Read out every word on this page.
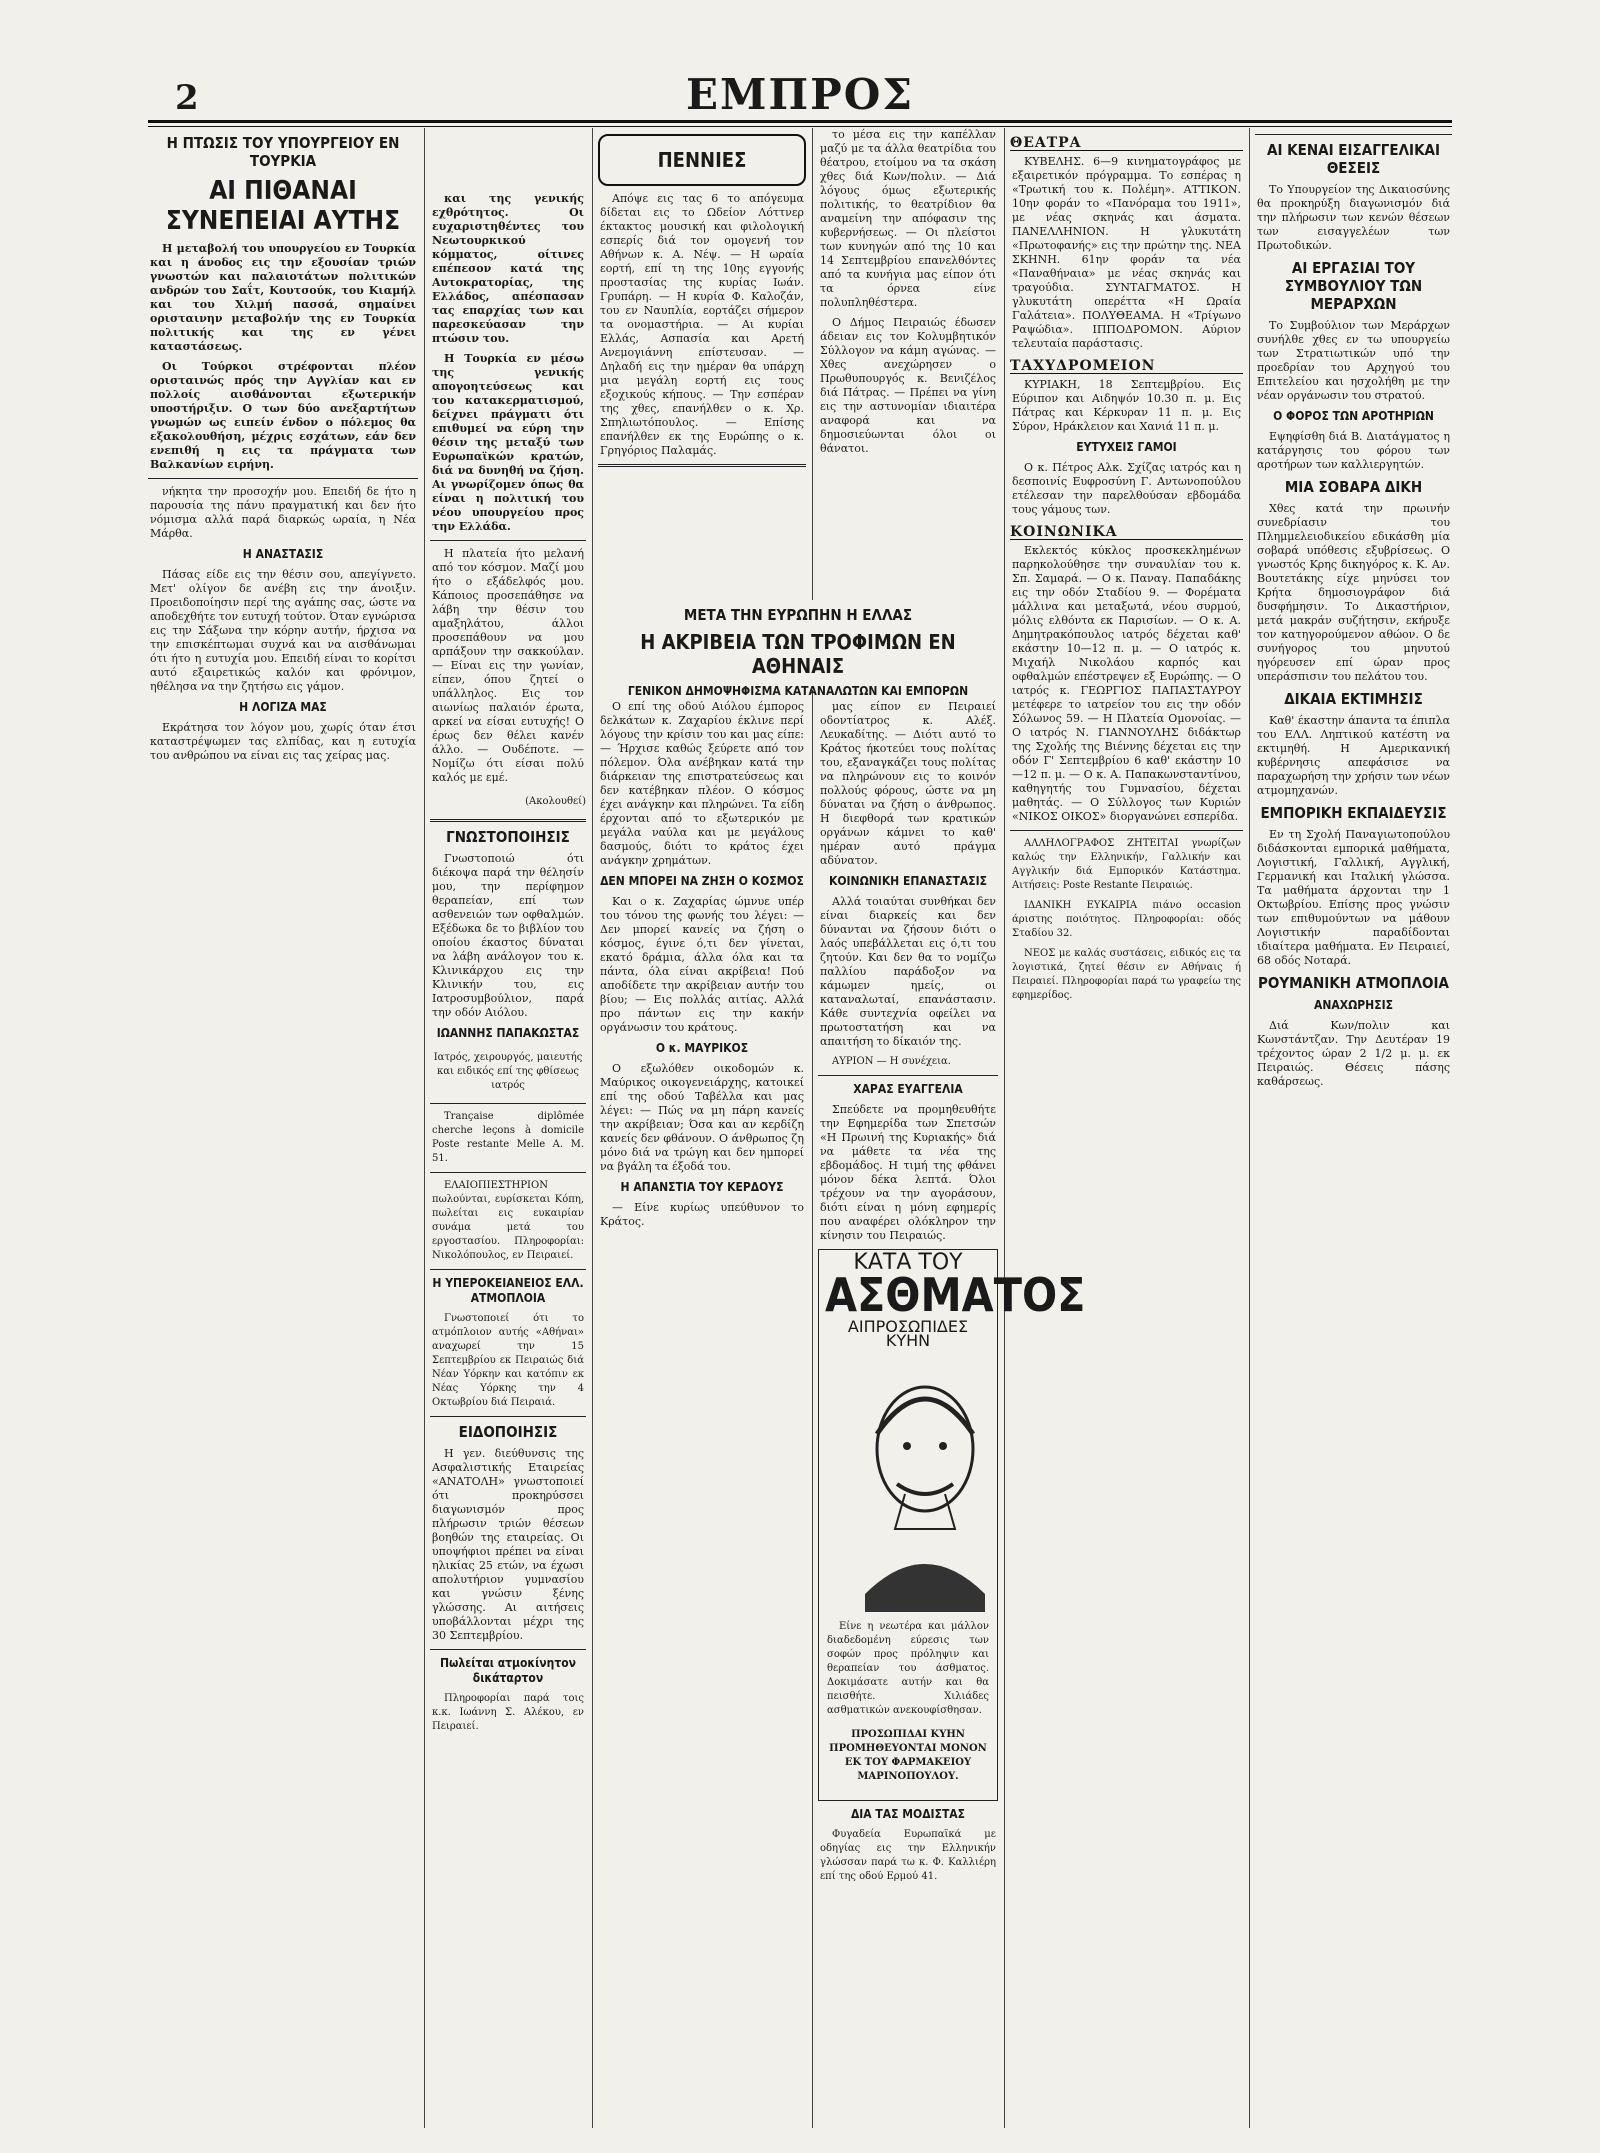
2	ΕΜΠΡΟΣ
Η ΠΤΩΣΙΣ ΤΟΥ ΥΠΟΥΡΓΕΙΟΥ ΕΝ ΤΟΥΡΚΙΑ
ΑΙ ΠΙΘΑΝΑΙ ΣΥΝΕΠΕΙΑΙ ΑΥΤΗΣ

Η μεταβολή του υπουργείου εν Τουρκία και η άνοδος εις την εξουσίαν τριών γνωστών και παλαιοτάτων πολιτικών ανδρών του Σαΐτ, Κουτσούκ, του Κιαμήλ και του Χιλμή πασσά, σημαίνει ορισταινην μεταβολήν της εν Τουρκία πολιτικής και της εν γένει καταστάσεως.

Οι Τούρκοι στρέφονται πλέον ορισταινώς πρός την Αγγλίαν και εν πολλοίς αισθάνονται εξωτερικήν υποστήριξιν. Ο των δύο ανεξαρτήτων γνωμών ως ειπείν ένδον ο πόλεμος θα εξακολουθήση, μέχρις εσχάτων, εάν δεν ενεπιθή η εις τα πράγματα των Βαλκανίων ειρήνη.

νήκητα την προσοχήν μου. Επειδή δε ήτο η παρουσία της πάνυ πραγματική και δεν ήτο νόμισμα αλλά παρά διαρκώς ωραία, η Νέα Μάρθα.

Η ΑΝΑΣΤΑΣΙΣ

Πάσας είδε εις την θέσιν σου, απεγίγνετο. Μετ' ολίγον δε ανέβη εις την άνοιξιν. Προειδοποίησιν περί της αγάπης σας, ώστε να αποδεχθήτε τον ευτυχή τούτον. Όταν εγνώρισα εις την Σάξωνα την κόρην αυτήν, ήρχισα να την επισκέπτωμαι συχνά και να αισθάνωμαι ότι ήτο η ευτυχία μου. Επειδή είναι το κορίτσι αυτό εξαιρετικώς καλόν και φρόνιμον, ηθέλησα να την ζητήσω εις γάμον.

Η ΛΟΓΙΖΑ ΜΑΣ

Εκράτησα τον λόγον μου, χωρίς όταν έτσι καταστρέψωμεν τας ελπίδας, και η ευτυχία του ανθρώπου να είναι εις τας χείρας μας.

και της γενικής εχθρότητος. Οι ευχαριστηθέντες του Νεωτουρκικού κόμματος, οίτινες επέπεσον κατά της Αυτοκρατορίας, της Ελλάδος, απέσπασαν τας επαρχίας των και παρεσκεύασαν την πτώσιν του.

Η Τουρκία εν μέσω της γενικής απογοητεύσεως και του κατακερματισμού, δείχνει πράγματι ότι επιθυμεί να εύρη την θέσιν της μεταξύ των Ευρωπαϊκών κρατών, διά να δυνηθή να ζήση. Αι γνωρίζομεν όπως θα είναι η πολιτική του νέου υπουργείου προς την Ελλάδα.

Η πλατεία ήτο μελανή από τον κόσμον. Μαζί μου ήτο ο εξάδελφός μου. Κάποιος προσεπάθησε να λάβη την θέσιν του αμαξηλάτου, άλλοι προσεπάθουν να μου αρπάξουν την σακκούλαν. — Είναι εις την γωνίαν, είπεν, όπου ζητεί ο υπάλληλος. Εις τον αιωνίως παλαιόν έρωτα, αρκεί να είσαι ευτυχής! Ο έρως δεν θέλει κανέν άλλο. — Ουδέποτε. — Νομίζω ότι είσαι πολύ καλός με εμέ.

(Ακολουθεί)

ΓΝΩΣΤΟΠΟΙΗΣΙΣ

Γνωστοποιώ ότι διέκοψα παρά την θέλησίν μου, την περίφημον θεραπείαν, επί των ασθενειών των οφθαλμών. Εξέδωκα δε το βιβλίον του οποίου έκαστος δύναται να λάβη ανάλογον του κ. Κλινικάρχου εις την Κλινικήν του, εις Ιατροσυμβούλιον, παρά την οδόν Αιόλου.

ΙΩΑΝΝΗΣ ΠΑΠΑΚΩΣΤΑΣ

Ιατρός, χειρουργός, μαιευτής και ειδικός επί της φθίσεως ιατρός

Trançaise diplômée cherche leçons à domicile Poste restante Melle A. M. 51.

ΕΛΑΙΟΠΙΕΣΤΗΡΙΟΝ πωλούνται, ευρίσκεται Κόπη, πωλείται εις ευκαιρίαν συνάμα μετά του εργοστασίου. Πληροφορίαι: Νικολόπουλος, εν Πειραιεί.

Η ΥΠΕΡΟΚΕΙΑΝΕΙΟΣ ΕΛΛ. ΑΤΜΟΠΛΟΙΑ

Γνωστοποιεί ότι το ατμόπλοιον αυτής «Αθήναι» αναχωρεί την 15 Σεπτεμβρίου εκ Πειραιώς διά Νέαν Υόρκην και κατόπιν εκ Νέας Υόρκης την 4 Οκτωβρίου διά Πειραιά.

ΕΙΔΟΠΟΙΗΣΙΣ

Η γεν. διεύθυνσις της Ασφαλιστικής Εταιρείας «ΑΝΑΤΟΛΗ» γνωστοποιεί ότι προκηρύσσει διαγωνισμόν προς πλήρωσιν τριών θέσεων βοηθών της εταιρείας. Οι υποψήφιοι πρέπει να είναι ηλικίας 25 ετών, να έχωσι απολυτήριον γυμνασίου και γνώσιν ξένης γλώσσης. Αι αιτήσεις υποβάλλονται μέχρι της 30 Σεπτεμβρίου.

Πωλείται ατμοκίνητον δικάταρτον

Πληροφορίαι παρά τοις κ.κ. Ιωάννη Σ. Αλέκου, εν Πειραιεί.

ΠΕΝΝΙΕΣ

Απόψε εις τας 6 το απόγευμα δίδεται εις το Ωδείον Λόττνερ έκτακτος μουσική και φιλολογική εσπερίς διά τον ομογενή τον Αθήνων κ. Α. Νέψ. — Η ωραία εορτή, επί τη της 10ης εγγονής προστασίας της κυρίας Ιωάν. Γρυπάρη. — Η κυρία Φ. Καλοζάν, του εν Ναυπλία, εορτάζει σήμερον τα ονομαστήρια. — Αι κυρίαι Ελλάς, Ασπασία και Αρετή Ανεμογιάννη επίστευσαν. — Δηλαδή εις την ημέραν θα υπάρχη μια μεγάλη εορτή εις τους εξοχικούς κήπους. — Την εσπέραν της χθες, επανήλθεν ο κ. Χρ. Σπηλιωτόπουλος. — Επίσης επανήλθεν εκ της Ευρώπης ο κ. Γρηγόριος Παλαμάς.

ΜΕΤΑ ΤΗΝ ΕΥΡΩΠΗΝ Η ΕΛΛΑΣ
Η ΑΚΡΙΒΕΙΑ ΤΩΝ ΤΡΟΦΙΜΩΝ ΕΝ ΑΘΗΝΑΙΣ
ΓΕΝΙΚΟΝ ΔΗΜΟΨΗΦΙΣΜΑ ΚΑΤΑΝΑΛΩΤΩΝ ΚΑΙ ΕΜΠΟΡΩΝ

Ο επί της οδού Αιόλου έμπορος δελκάτων κ. Ζαχαρίου έκλινε περί λόγους την κρίσιν του και μας είπε: — Ήρχισε καθώς ξεύρετε από τον πόλεμον. Όλα ανέβηκαν κατά την διάρκειαν της επιστρατεύσεως και δεν κατέβηκαν πλέον. Ο κόσμος έχει ανάγκην και πληρώνει. Τα είδη έρχονται από το εξωτερικόν με μεγάλα ναύλα και με μεγάλους δασμούς, διότι το κράτος έχει ανάγκην χρημάτων.

ΔΕΝ ΜΠΟΡΕΙ ΝΑ ΖΗΣΗ Ο ΚΟΣΜΟΣ

Και ο κ. Ζαχαρίας ώμνυε υπέρ του τόνου της φωνής του λέγει: — Δεν μπορεί κανείς να ζήση ο κόσμος, έγινε ό,τι δεν γίνεται, εκατό δράμια, άλλα όλα και τα πάντα, όλα είναι ακρίβεια! Πού αποδίδετε την ακρίβειαν αυτήν του βίου; — Εις πολλάς αιτίας. Αλλά προ πάντων εις την κακήν οργάνωσιν του κράτους.

Ο κ. ΜΑΥΡΙΚΟΣ

Ο εξωλόθεν οικοδομών κ. Μαύρικος οικογενειάρχης, κατοικεί επί της οδού Ταβέλλα και μας λέγει: — Πώς να μη πάρη κανείς την ακρίβειαν; Όσα και αν κερδίζη κανείς δεν φθάνουν. Ο άνθρωπος ζη μόνο διά να τρώγη και δεν ημπορεί να βγάλη τα έξοδά του.

Η ΑΠΑΝΣΤΙΑ ΤΟΥ ΚΕΡΔΟΥΣ

— Είνε κυρίως υπεύθυνον το Κράτος.

το μέσα εις την καπέλλαν μαζύ με τα άλλα θεατρίδια του θέατρου, ετοίμου να τα σκάση χθες διά Κων/πολιν. — Διά λόγους όμως εξωτερικής πολιτικής, το θεατρίδιον θα αναμείνη την απόφασιν της κυβερνήσεως. — Οι πλείστοι των κυνηγών από της 10 και 14 Σεπτεμβρίου επανελθόντες από τα κυνήγια μας είπον ότι τα όρνεα είνε πολυπληθέστερα.

Ο Δήμος Πειραιώς έδωσεν άδειαν εις τον Κολυμβητικόν Σύλλογον να κάμη αγώνας. — Χθες ανεχώρησεν ο Πρωθυπουργός κ. Βενιζέλος διά Πάτρας. — Πρέπει να γίνη εις την αστυνομίαν ιδιαιτέρα αναφορά και να δημοσιεύωνται όλοι οι θάνατοι.

μας είπον εν Πειραιεί οδοντίατρος κ. Αλέξ. Λευκαδίτης. — Διότι αυτό το Κράτος ήκοτεύει τους πολίτας του, εξαναγκάζει τους πολίτας να πληρώνουν εις το κοινόν πολλούς φόρους, ώστε να μη δύναται να ζήση ο άνθρωπος. Η διεφθορά των κρατικών οργάνων κάμνει το καθ' ημέραν αυτό πράγμα αδύνατον.

ΚΟΙΝΩΝΙΚΗ ΕΠΑΝΑΣΤΑΣΙΣ

Αλλά τοιαύται συνθήκαι δεν είναι διαρκείς και δεν δύνανται να ζήσουν διότι ο λαός υπεβάλλεται εις ό,τι του ζητούν. Και δεν θα το νομίζω παλλίου παράδοξον να κάμωμεν ημείς, οι καταναλωταί, επανάστασιν. Κάθε συντεχνία οφείλει να πρωτοστατήση και να απαιτήση το δίκαιόν της.

ΑΥΡΙΟΝ — Η συνέχεια.

ΧΑΡΑΣ ΕΥΑΓΓΕΛΙΑ

Σπεύδετε να προμηθευθήτε την Εφημερίδα των Σπετσών «Η Πρωινή της Κυριακής» διά να μάθετε τα νέα της εβδομάδος. Η τιμή της φθάνει μόνον δέκα λεπτά. Όλοι τρέχουν να την αγοράσουν, διότι είναι η μόνη εφημερίς που αναφέρει ολόκληρον την κίνησιν του Πειραιώς.

ΚΑΤΑ ΤΟΥ
ΑΣΘΜΑΤΟΣ
ΑΙΠΡΟΣΩΠΙΔΕΣ ΚΥΗΝ

Είνε η νεωτέρα και μάλλον διαδεδομένη εύρεσις των σοφών προς πρόληψιν και θεραπείαν του άσθματος. Δοκιμάσατε αυτήν και θα πεισθήτε. Χιλιάδες ασθματικών ανεκουφίσθησαν.

ΠΡΟΣΩΠΙΔΑΙ ΚΥΗΝ ΠΡΟΜΗΘΕΥΟΝΤΑΙ ΜΟΝΟΝ ΕΚ ΤΟΥ ΦΑΡΜΑΚΕΙΟΥ ΜΑΡΙΝΟΠΟΥΛΟΥ.

ΔΙΑ ΤΑΣ ΜΟΔΙΣΤΑΣ

Φυγαδεία Ευρωπαϊκά με οδηγίας εις την Ελληνικήν γλώσσαν παρά τω κ. Φ. Καλλιέρη επί της οδού Ερμού 41.

ΘΕΑΤΡΑ

ΚΥΒΕΛΗΣ. 6—9 κινηματογράφος με εξαιρετικόν πρόγραμμα. Το εσπέρας η «Τρωτική του κ. Πολέμη». ΑΤΤΙΚΟΝ. 10ην φοράν το «Πανόραμα του 1911», με νέας σκηνάς και άσματα. ΠΑΝΕΛΛΗΝΙΟΝ. Η γλυκυτάτη «Πρωτοφανής» εις την πρώτην της. ΝΕΑ ΣΚΗΝΗ. 61ην φοράν τα νέα «Παναθήναια» με νέας σκηνάς και τραγούδια. ΣΥΝΤΑΓΜΑΤΟΣ. Η γλυκυτάτη οπερέττα «Η Ωραία Γαλάτεια». ΠΟΛΥΘΕΑΜΑ. Η «Τρίγωνο Ραψώδια». ΙΠΠΟΔΡΟΜΟΝ. Αύριον τελευταία παράστασις.

ΤΑΧΥΔΡΟΜΕΙΟΝ

ΚΥΡΙΑΚΗ, 18 Σεπτεμβρίου. Εις Εύριπον και Αιδηψόν 10.30 π. μ. Εις Πάτρας και Κέρκυραν 11 π. μ. Εις Σύρον, Ηράκλειον και Χανιά 11 π. μ.

ΕΥΤΥΧΕΙΣ ΓΑΜΟΙ

Ο κ. Πέτρος Αλκ. Σχίζας ιατρός και η δεσποινίς Ευφροσύνη Γ. Αντωνοπούλου ετέλεσαν την παρελθούσαν εβδομάδα τους γάμους των.

ΚΟΙΝΩΝΙΚΑ

Εκλεκτός κύκλος προσκεκλημένων παρηκολούθησε την συναυλίαν του κ. Σπ. Σαμαρά. — Ο κ. Παναγ. Παπαδάκης εις την οδόν Σταδίου 9. — Φορέματα μάλλινα και μεταξωτά, νέου συρμού, μόλις ελθόντα εκ Παρισίων. — Ο κ. Α. Δημητρακόπουλος ιατρός δέχεται καθ' εκάστην 10—12 π. μ. — Ο ιατρός κ. Μιχαήλ Νικολάου καρπός και οφθαλμών επέστρεψεν εξ Ευρώπης. — Ο ιατρός κ. ΓΕΩΡΓΙΟΣ ΠΑΠΑΣΤΑΥΡΟΥ μετέφερε το ιατρείον του εις την οδόν Σόλωνος 59. — Η Πλατεία Ομονοίας. — Ο ιατρός Ν. ΓΙΑΝΝΟΥΛΗΣ διδάκτωρ της Σχολής της Βιέννης δέχεται εις την οδόν Γ' Σεπτεμβρίου 6 καθ' εκάστην 10—12 π. μ. — Ο κ. Α. Παπακωνσταντίνου, καθηγητής του Γυμνασίου, δέχεται μαθητάς. — Ο Σύλλογος των Κυριών «ΝΙΚΟΣ ΟΙΚΟΣ» διοργανώνει εσπερίδα.

ΑΛΛΗΛΟΓΡΑΦΟΣ ΖΗΤΕΙΤΑΙ γνωρίζων καλώς την Ελληνικήν, Γαλλικήν και Αγγλικήν διά Εμπορικόν Κατάστημα. Αιτήσεις: Poste Restante Πειραιώς.

ΙΔΑΝΙΚΗ ΕΥΚΑΙΡΙΑ πιάνο occasion άριστης ποιότητος. Πληροφορίαι: οδός Σταδίου 32.

ΝΕΟΣ με καλάς συστάσεις, ειδικός εις τα λογιστικά, ζητεί θέσιν εν Αθήναις ή Πειραιεί. Πληροφορίαι παρά τω γραφείω της εφημερίδος.

ΑΙ ΚΕΝΑΙ ΕΙΣΑΓΓΕΛΙΚΑΙ ΘΕΣΕΙΣ

Το Υπουργείον της Δικαιοσύνης θα προκηρύξη διαγωνισμόν διά την πλήρωσιν των κενών θέσεων των εισαγγελέων των Πρωτοδικών.

ΑΙ ΕΡΓΑΣΙΑΙ ΤΟΥ ΣΥΜΒΟΥΛΙΟΥ ΤΩΝ ΜΕΡΑΡΧΩΝ

Το Συμβούλιον των Μεράρχων συνήλθε χθες εν τω υπουργείω των Στρατιωτικών υπό την προεδρίαν του Αρχηγού του Επιτελείου και ησχολήθη με την νέαν οργάνωσιν του στρατού.

Ο ΦΟΡΟΣ ΤΩΝ ΑΡΟΤΗΡΙΩΝ

Εψηφίσθη διά Β. Διατάγματος η κατάργησις του φόρου των αροτήρων των καλλιεργητών.

ΜΙΑ ΣΟΒΑΡΑ ΔΙΚΗ

Χθες κατά την πρωινήν συνεδρίασιν του Πλημμελειοδικείου εδικάσθη μία σοβαρά υπόθεσις εξυβρίσεως. Ο γνωστός Κρης δικηγόρος κ. Κ. Αν. Βουτετάκης είχε μηνύσει τον Κρήτα δημοσιογράφον διά δυσφήμησιν. Το Δικαστήριον, μετά μακράν συζήτησιν, εκήρυξε τον κατηγορούμενον αθώον. Ο δε συνήγορος του μηνυτού ηγόρευσεν επί ώραν προς υπεράσπισιν του πελάτου του.

ΔΙΚΑΙΑ ΕΚΤΙΜΗΣΙΣ

Καθ' έκαστην άπαντα τα έπιπλα του ΕΛΛ. Ληπτικού κατέστη να εκτιμηθή. Η Αμερικανική κυβέρνησις απεφάσισε να παραχωρήση την χρήσιν των νέων ατμομηχανών.

ΕΜΠΟΡΙΚΗ ΕΚΠΑΙΔΕΥΣΙΣ

Εν τη Σχολή Παναγιωτοπούλου διδάσκονται εμπορικά μαθήματα, Λογιστική, Γαλλική, Αγγλική, Γερμανική και Ιταλική γλώσσα. Τα μαθήματα άρχονται την 1 Οκτωβρίου. Επίσης προς γνώσιν των επιθυμούντων να μάθουν Λογιστικήν παραδίδονται ιδιαίτερα μαθήματα. Εν Πειραιεί, 68 οδός Νοταρά.

ΡΟΥΜΑΝΙΚΗ ΑΤΜΟΠΛΟΙΑ
ΑΝΑΧΩΡΗΣΙΣ

Διά Κων/πολιν και Κωνστάντζαν. Την Δευτέραν 19 τρέχοντος ώραν 2 1/2 μ. μ. εκ Πειραιώς. Θέσεις πάσης καθάρσεως.
